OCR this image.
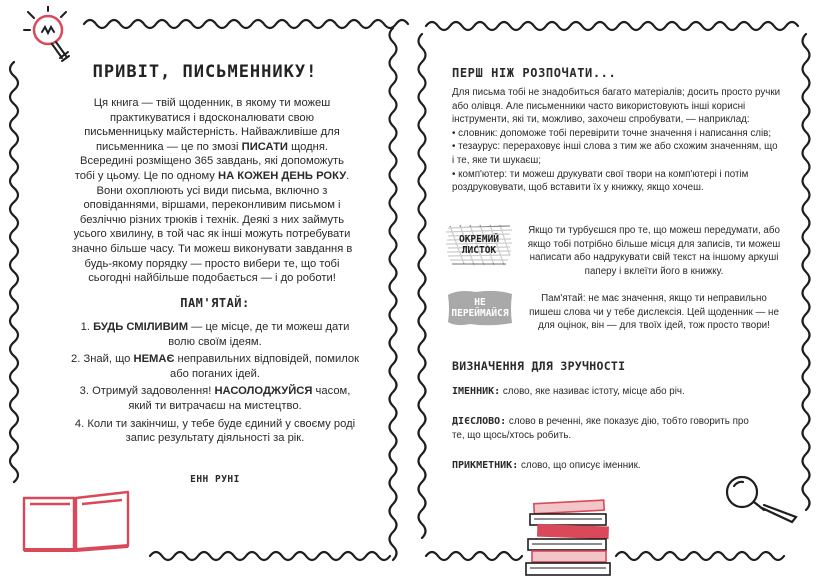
ПРИВІТ, ПИСЬМЕННИКУ!
Ця книга — твій щоденник, в якому ти можеш практикуватися і вдосконалювати свою письменницьку майстерність. Найважливіше для письменника — це по змозі ПИСАТИ щодня.
Всередині розміщено 365 завдань, які допоможуть тобі у цьому. Це по одному НА КОЖЕН ДЕНЬ РОКУ. Вони охоплюють усі види письма, включно з оповіданнями, віршами, переконливим письмом і безліччю різних трюків і технік. Деякі з них займуть усього хвилину, в той час як інші можуть потребувати значно більше часу. Ти можеш виконувати завдання в будь-якому порядку — просто вибери те, що тобі сьогодні найбільше подобається — і до роботи!
ПАМ'ЯТАЙ:

1. БУДЬ СМІЛИВИМ — це місце, де ти можеш дати волю своїм ідеям.

2. Знай, що НЕМАЄ неправильних відповідей, помилок або поганих ідей.

3. Отримуй задоволення! НАСОЛОДЖУЙСЯ часом, який ти витрачаєш на мистецтво.

4. Коли ти закінчиш, у тебе буде єдиний у своєму роді запис результату діяльності за рік.

ЕНН РУНІ
ПЕРШ НІЖ РОЗПОЧАТИ...

Для письма тобі не знадобиться багато матеріалів; досить просто ручки або олівця. Але письменники часто використовують інші корисні інструменти, які ти, можливо, захочеш спробувати, — наприклад:

• словник: допоможе тобі перевірити точне значення і написання слів;

• тезаурус: перераховує інші слова з тим же або схожим значенням, що і те, яке ти шукаєш;

• комп'ютер: ти можеш друкувати свої твори на комп'ютері і потім роздруковувати, щоб вставити їх у книжку, якщо хочеш.

ОКРЕМИЙ
ЛИСТОК
Якщо ти турбуєшся про те, що можеш передумати, або якщо тобі потрібно більше місця для записів, ти можеш написати або надрукувати свій текст на іншому аркуші паперу і вклеїти його в книжку.
НЕ
ПЕРЕЙМАЙСЯ
Пам'ятай: не має значення, якщо ти неправильно пишеш слова чи у тебе дислексія. Цей щоденник — не для оцінок, він — для твоїх ідей, тож просто твори!
ВИЗНАЧЕННЯ ДЛЯ ЗРУЧНОСТІ
ІМЕННИК: слово, яке називає істоту, місце або річ.
ДІЄСЛОВО: слово в реченні, яке показує дію, тобто говорить про те, що щось/хтось робить.
ПРИКМЕТНИК: слово, що описує іменник.
